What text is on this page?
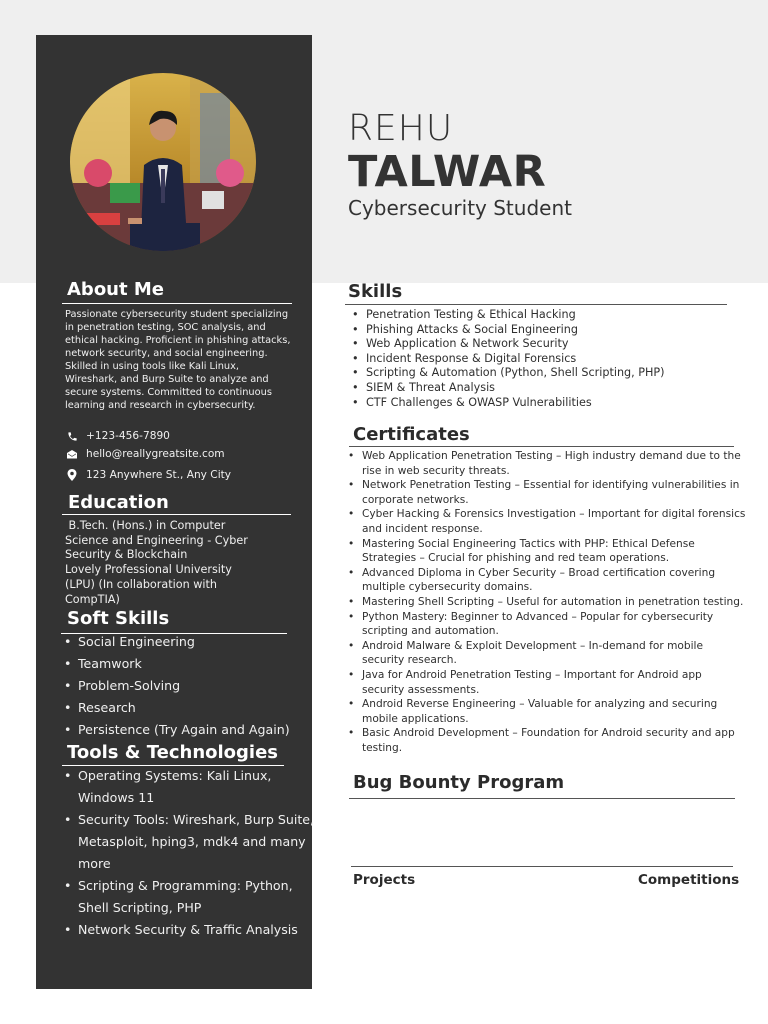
REHU
TALWAR
Cybersecurity Student
About Me
Passionate cybersecurity student specializing in penetration testing, SOC analysis, and ethical hacking. Proficient in phishing attacks, network security, and social engineering. Skilled in using tools like Kali Linux, Wireshark, and Burp Suite to analyze and secure systems. Committed to continuous learning and research in cybersecurity.
+123-456-7890
hello@reallygreatsite.com
123 Anywhere St., Any City
Education
B.Tech. (Hons.) in Computer
Science and Engineering - Cyber
Security & Blockchain
Lovely Professional University
(LPU) (In collaboration with
CompTIA)
Soft Skills
• Social Engineering
• Teamwork
• Problem-Solving
• Research
• Persistence (Try Again and Again)
Tools & Technologies
• Operating Systems: Kali Linux,
Windows 11
• Security Tools: Wireshark, Burp Suite,
Metasploit, hping3, mdk4 and many
more
• Scripting & Programming: Python,
Shell Scripting, PHP
• Network Security & Traffic Analysis
Skills
• Penetration Testing & Ethical Hacking
• Phishing Attacks & Social Engineering
• Web Application & Network Security
• Incident Response & Digital Forensics
• Scripting & Automation (Python, Shell Scripting, PHP)
• SIEM & Threat Analysis
• CTF Challenges & OWASP Vulnerabilities
Certificates
• Web Application Penetration Testing – High industry demand due to the rise in web security threats.
• Network Penetration Testing – Essential for identifying vulnerabilities in corporate networks.
• Cyber Hacking & Forensics Investigation – Important for digital forensics and incident response.
• Mastering Social Engineering Tactics with PHP: Ethical Defense Strategies – Crucial for phishing and red team operations.
• Advanced Diploma in Cyber Security – Broad certification covering multiple cybersecurity domains.
• Mastering Shell Scripting – Useful for automation in penetration testing.
• Python Mastery: Beginner to Advanced – Popular for cybersecurity scripting and automation.
• Android Malware & Exploit Development – In-demand for mobile security research.
• Java for Android Penetration Testing – Important for Android app security assessments.
• Android Reverse Engineering – Valuable for analyzing and securing mobile applications.
• Basic Android Development – Foundation for Android security and app testing.
Bug Bounty Program
Projects	Competitions
